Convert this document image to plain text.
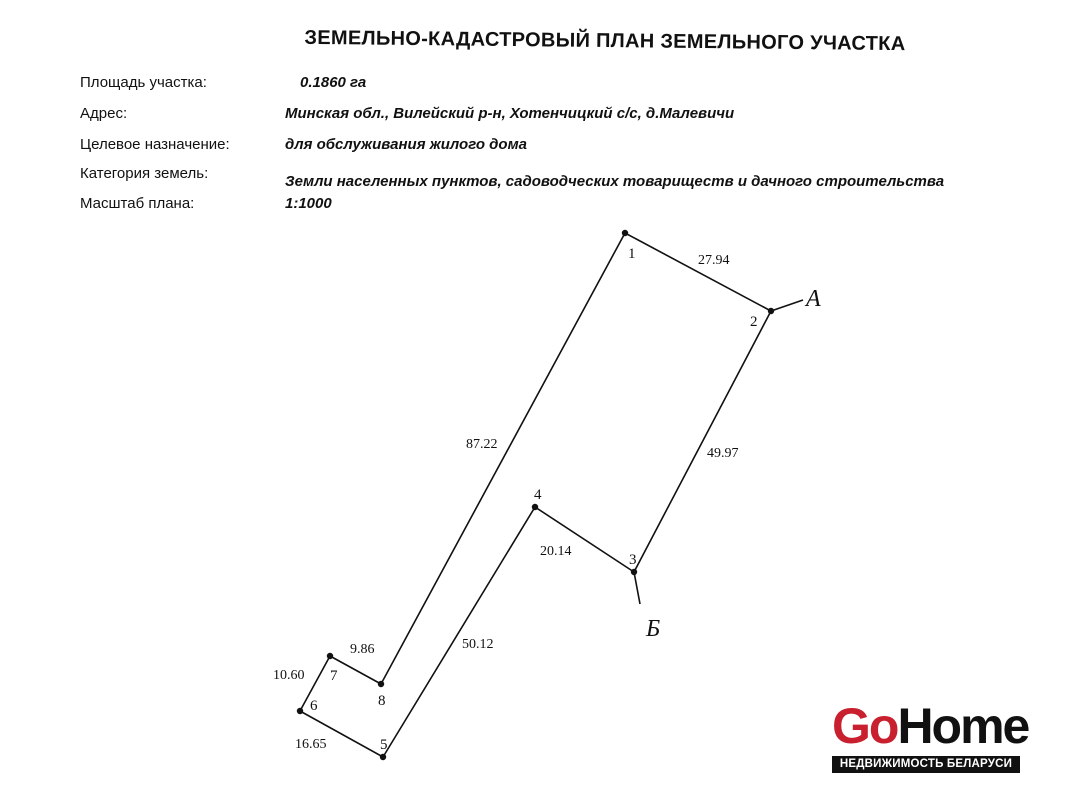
ЗЕМЕЛЬНО-КАДАСТРОВЫЙ ПЛАН ЗЕМЕЛЬНОГО УЧАСТКА
Площадь участка:	0.1860 га
Адрес:	Минская обл., Вилейский р-н, Хотенчицкий с/с, д.Малевичи
Целевое назначение:	для обслуживания жилого дома
Категория земель:	Земли населенных пунктов, садоводческих товариществ и дачного строительства
Масштаб плана:	1:1000
1
2
3
4
5
6
7
8
27.94
49.97
20.14
50.12
16.65
10.60
9.86
87.22
А
Б
GoHome
НЕДВИЖИМОСТЬ БЕЛАРУСИ
